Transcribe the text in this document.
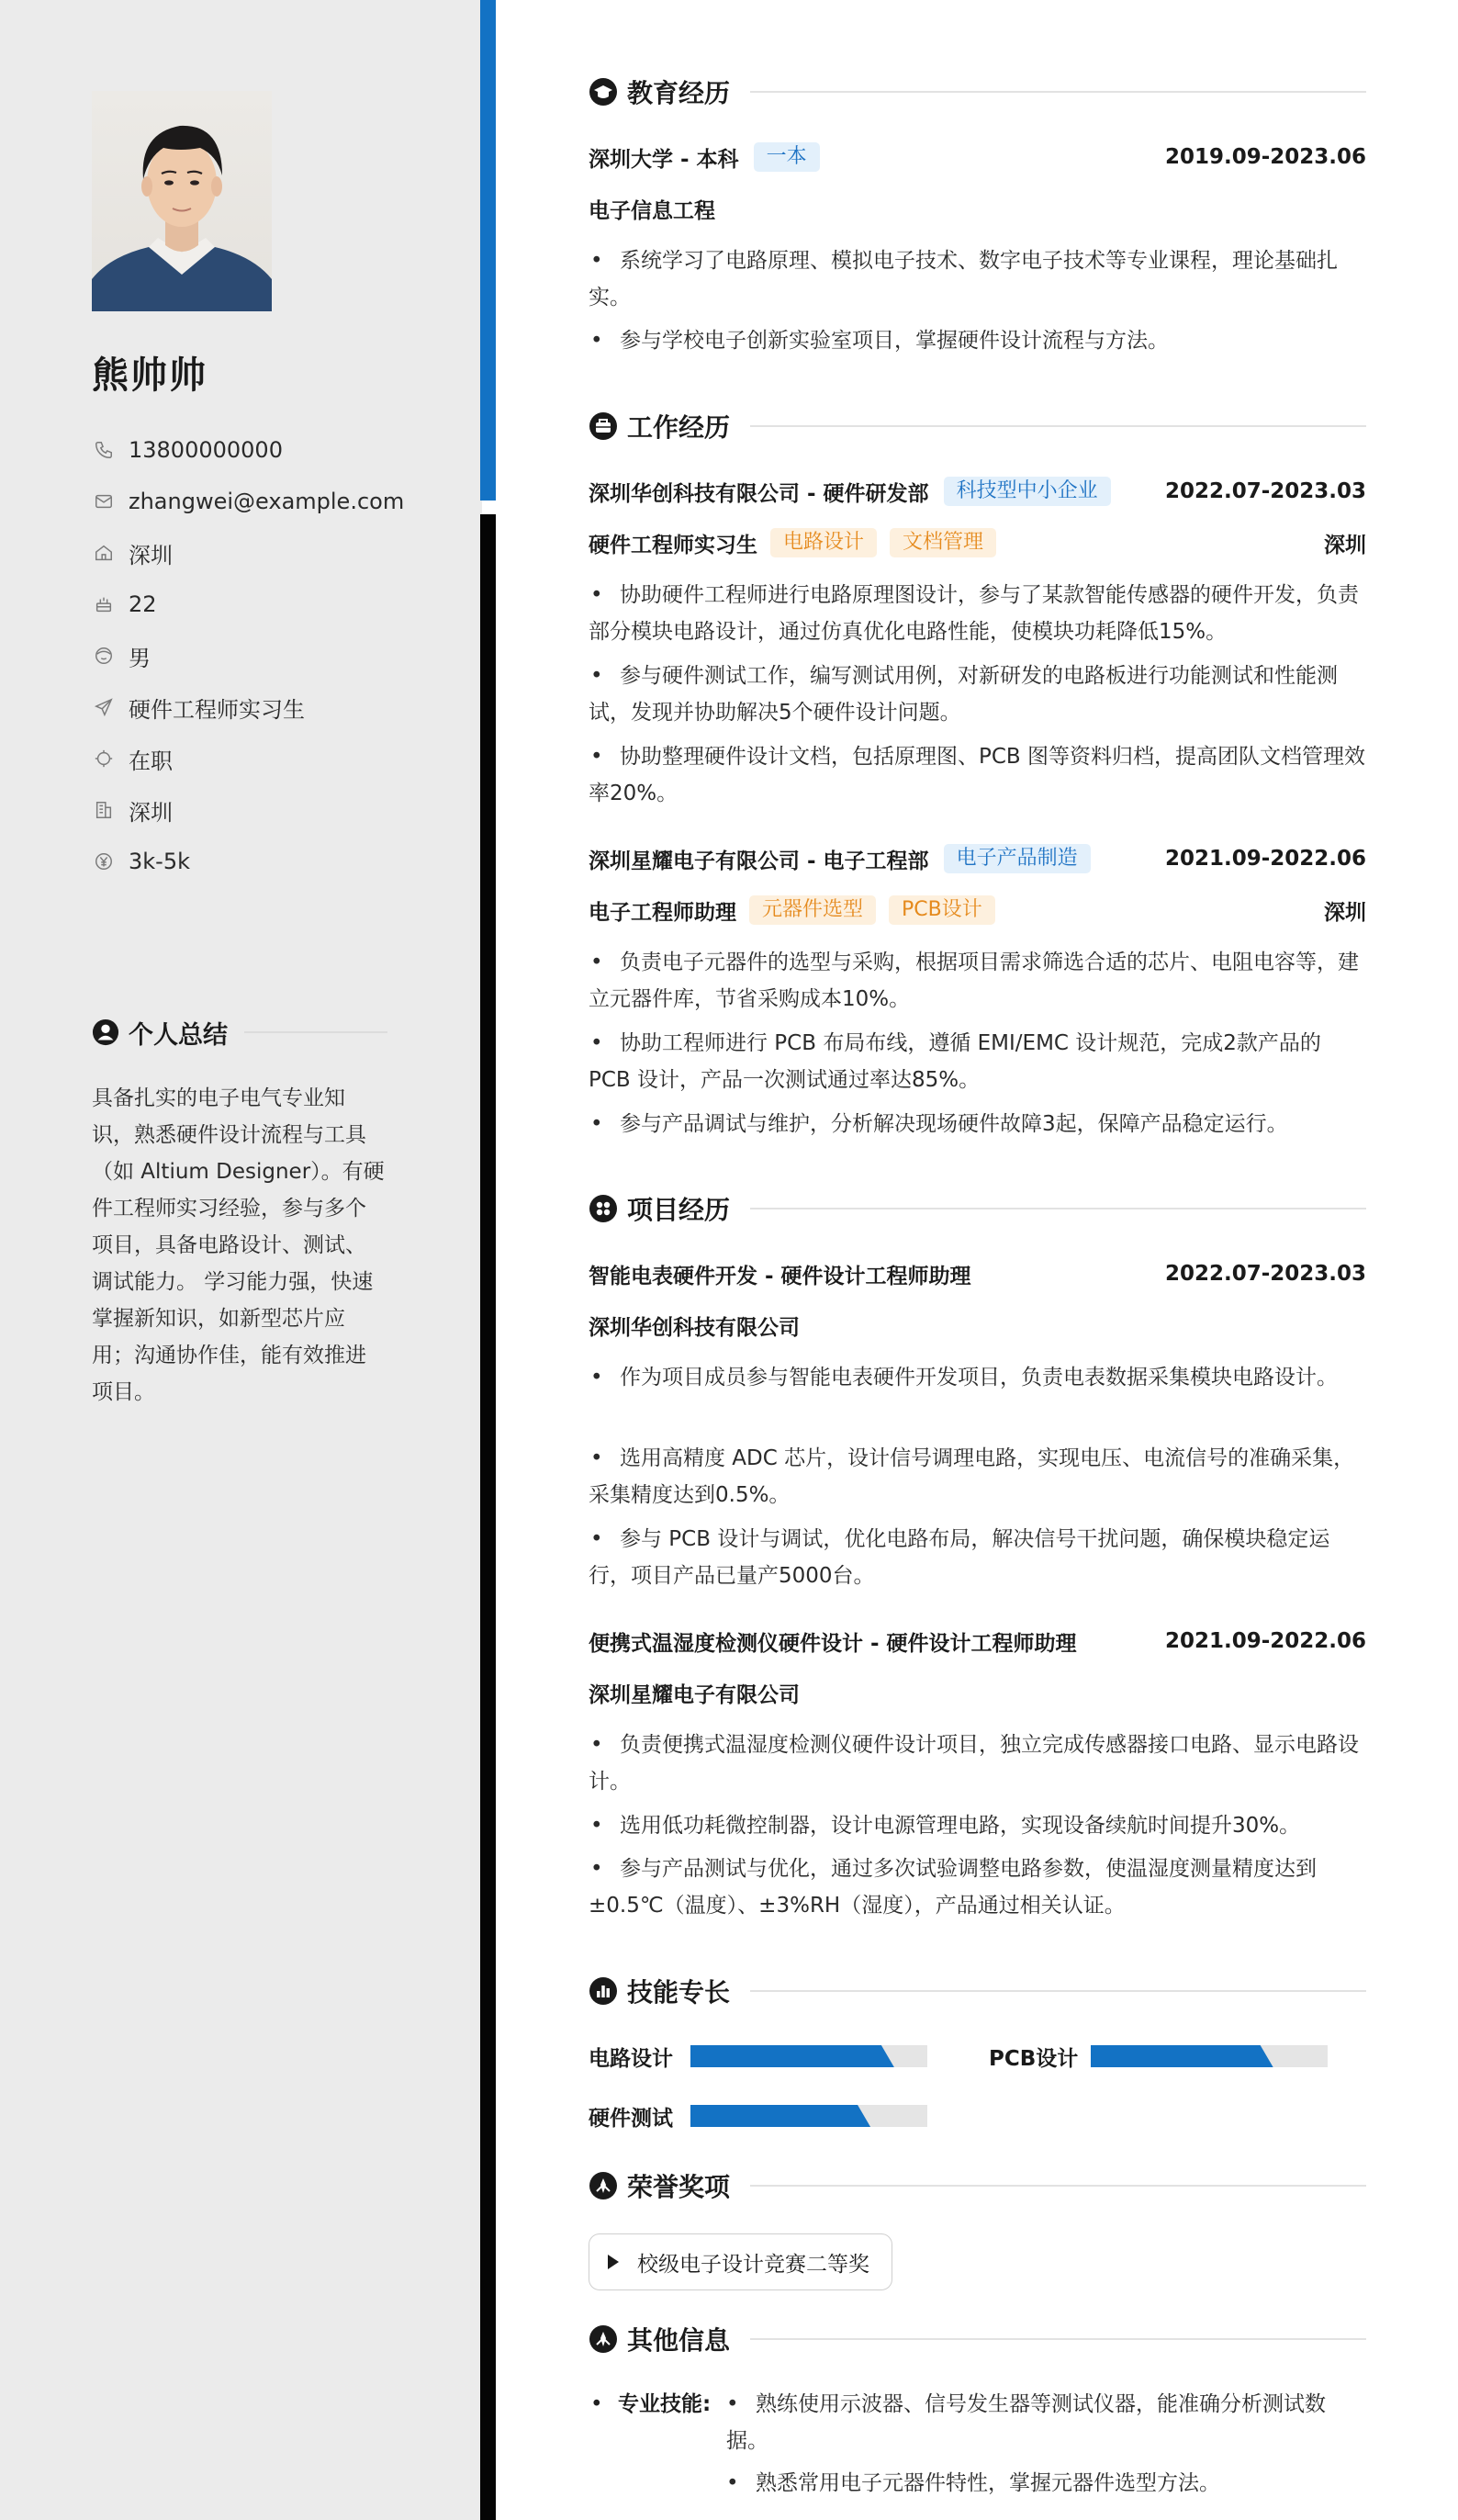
熊帅帅
13800000000
zhangwei@example.com
深圳
22
男
硬件工程师实习生
在职
深圳
3k-5k
个人总结
具备扎实的电子电气专业知识，熟悉硬件设计流程与工具（如 Altium Designer）。有硬件工程师实习经验，参与多个项目，具备电路设计、测试、调试能力。 学习能力强，快速掌握新知识，如新型芯片应用；沟通协作佳，能有效推进项目。
教育经历
深圳大学 - 本科	一本	2019.09-2023.06
电子信息工程
• 系统学习了电路原理、模拟电子技术、数字电子技术等专业课程，理论基础扎实。
• 参与学校电子创新实验室项目，掌握硬件设计流程与方法。
工作经历
深圳华创科技有限公司 - 硬件研发部	科技型中小企业	2022.07-2023.03
硬件工程师实习生	电路设计	文档管理	深圳
• 协助硬件工程师进行电路原理图设计，参与了某款智能传感器的硬件开发，负责部分模块电路设计，通过仿真优化电路性能，使模块功耗降低15%。
• 参与硬件测试工作，编写测试用例，对新研发的电路板进行功能测试和性能测试，发现并协助解决5个硬件设计问题。
• 协助整理硬件设计文档，包括原理图、PCB 图等资料归档，提高团队文档管理效率20%。
深圳星耀电子有限公司 - 电子工程部	电子产品制造	2021.09-2022.06
电子工程师助理	元器件选型	PCB设计	深圳
• 负责电子元器件的选型与采购，根据项目需求筛选合适的芯片、电阻电容等，建立元器件库，节省采购成本10%。
• 协助工程师进行 PCB 布局布线，遵循 EMI/EMC 设计规范，完成2款产品的 PCB 设计，产品一次测试通过率达85%。
• 参与产品调试与维护，分析解决现场硬件故障3起，保障产品稳定运行。
项目经历
智能电表硬件开发 - 硬件设计工程师助理	2022.07-2023.03
深圳华创科技有限公司
• 作为项目成员参与智能电表硬件开发项目，负责电表数据采集模块电路设计。
• 选用高精度 ADC 芯片，设计信号调理电路，实现电压、电流信号的准确采集，采集精度达到0.5%。
• 参与 PCB 设计与调试，优化电路布局，解决信号干扰问题，确保模块稳定运行，项目产品已量产5000台。
便携式温湿度检测仪硬件设计 - 硬件设计工程师助理	2021.09-2022.06
深圳星耀电子有限公司
• 负责便携式温湿度检测仪硬件设计项目，独立完成传感器接口电路、显示电路设计。
• 选用低功耗微控制器，设计电源管理电路，实现设备续航时间提升30%。
• 参与产品测试与优化，通过多次试验调整电路参数，使温湿度测量精度达到±0.5℃（温度）、±3%RH（湿度），产品通过相关认证。
技能专长
电路设计	PCB设计
硬件测试
荣誉奖项
校级电子设计竞赛二等奖
其他信息
• 专业技能: • 熟练使用示波器、信号发生器等测试仪器，能准确分析测试数据。
• 熟悉常用电子元器件特性，掌握元器件选型方法。
